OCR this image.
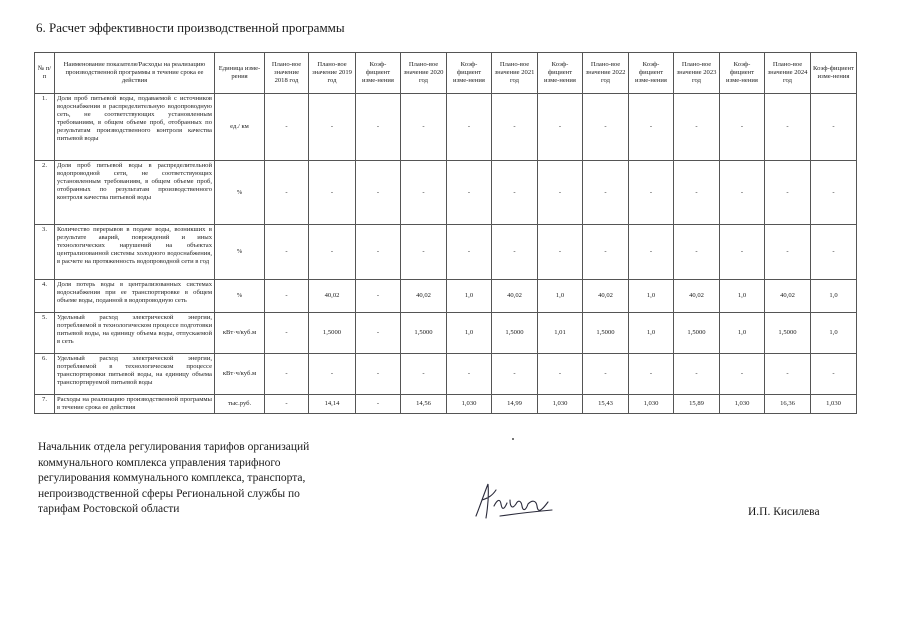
6. Расчет эффективности производственной программы
№ п/п	Наименование показателя/Расходы на реализацию производственной программы в течение срока ее действия	Единица изме-рения	Плано-вое значение 2018 год	Плано-вое значение 2019 год	Коэф-фициент изме-нения	Плано-вое значение 2020 год	Коэф-фициент изме-нения	Плано-вое значение 2021 год	Коэф-фициент изме-нения	Плано-вое значение 2022 год	Коэф-фициент изме-нения	Плано-вое значение 2023 год	Коэф-фициент изме-нения	Плано-вое значение 2024 год	Коэф-фициент изме-нения
1.	Доля проб питьевой воды, подаваемой с источников водоснабжения в распределительную водопроводную сеть, не соответствующих установленным требованиям, в общем объеме проб, отобранных по результатам производственного контроля качества питьевой воды	ед./ км	-	-	-	-	-	-	-	-	-	-	-	-	-
2.	Доля проб питьевой воды в распределительной водопроводной сети, не соответствующих установленным требованиям, в общем объеме проб, отобранных по результатам производственного контроля качества питьевой воды	%	-	-	-	-	-	-	-	-	-	-	-	-	-
3.	Количество перерывов в подаче воды, возникших в результате аварий, повреждений и иных технологических нарушений на объектах централизованной системы холодного водоснабжения, в расчете на протяженность водопроводной сети в год	%	-	-	-	-	-	-	-	-	-	-	-	-	-
4.	Доля потерь воды в централизованных системах водоснабжения при ее транспортировке в общем объеме воды, поданной в водопроводную сеть	%	-	40,02	-	40,02	1,0	40,02	1,0	40,02	1,0	40,02	1,0	40,02	1,0
5.	Удельный расход электрической энергии, потребляемой в технологическом процессе подготовки питьевой воды, на единицу объема воды, отпускаемой в сеть	кВт·ч/куб.м	-	1,5000	-	1,5000	1,0	1,5000	1,01	1,5000	1,0	1,5000	1,0	1,5000	1,0
6.	Удельный расход электрической энергии, потребляемой в технологическом процессе транспортировки питьевой воды, на единицу объема транспортируемой питьевой воды	кВт·ч/куб.м	-	-	-	-	-	-	-	-	-	-	-	-	-
7.	Расходы на реализацию производственной программы в течение срока ее действия	тыс.руб.	-	14,14	-	14,56	1,030	14,99	1,030	15,43	1,030	15,89	1,030	16,36	1,030
Начальник отдела регулирования тарифов организаций
коммунального комплекса управления тарифного
регулирования коммунального комплекса, транспорта,
непроизводственной сферы Региональной службы по
тарифам Ростовской области	И.П. Кисилева
